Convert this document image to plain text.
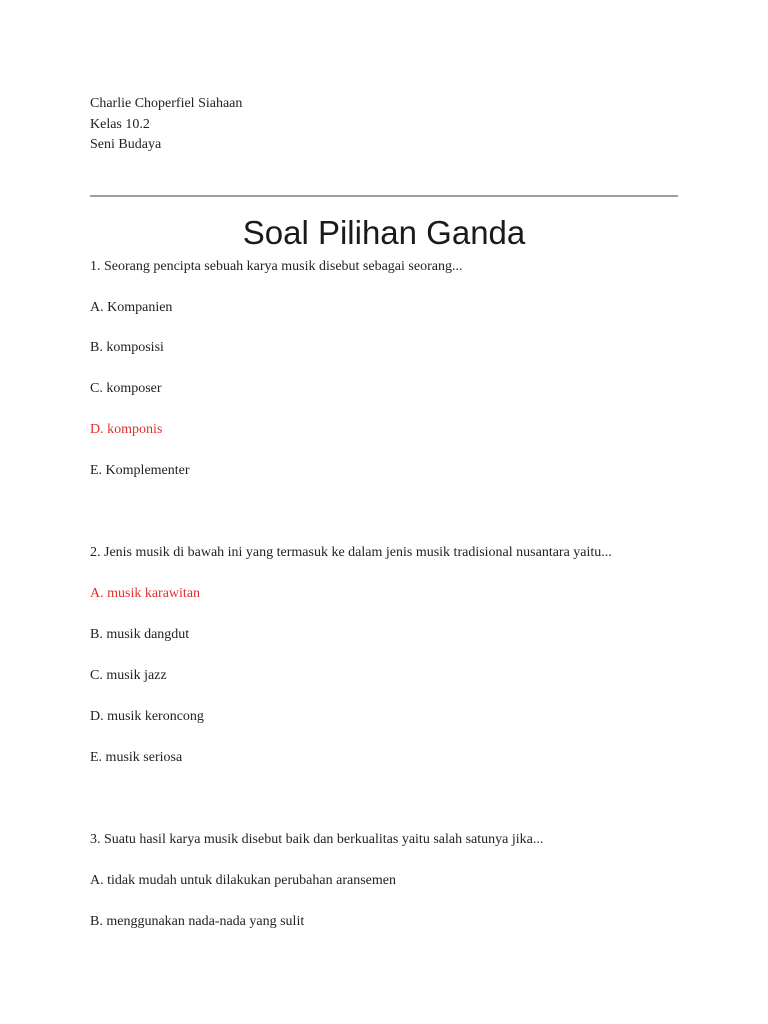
Charlie Choperfiel Siahaan
Kelas 10.2
Seni Budaya
Soal Pilihan Ganda
1. Seorang pencipta sebuah karya musik disebut sebagai seorang...
A. Kompanien
B. komposisi
C. komposer
D. komponis
E. Komplementer
2. Jenis musik di bawah ini yang termasuk ke dalam jenis musik tradisional nusantara yaitu...
A. musik karawitan
B. musik dangdut
C. musik jazz
D. musik keroncong
E. musik seriosa
3. Suatu hasil karya musik disebut baik dan berkualitas yaitu salah satunya jika...
A. tidak mudah untuk dilakukan perubahan aransemen
B. menggunakan nada-nada yang sulit
